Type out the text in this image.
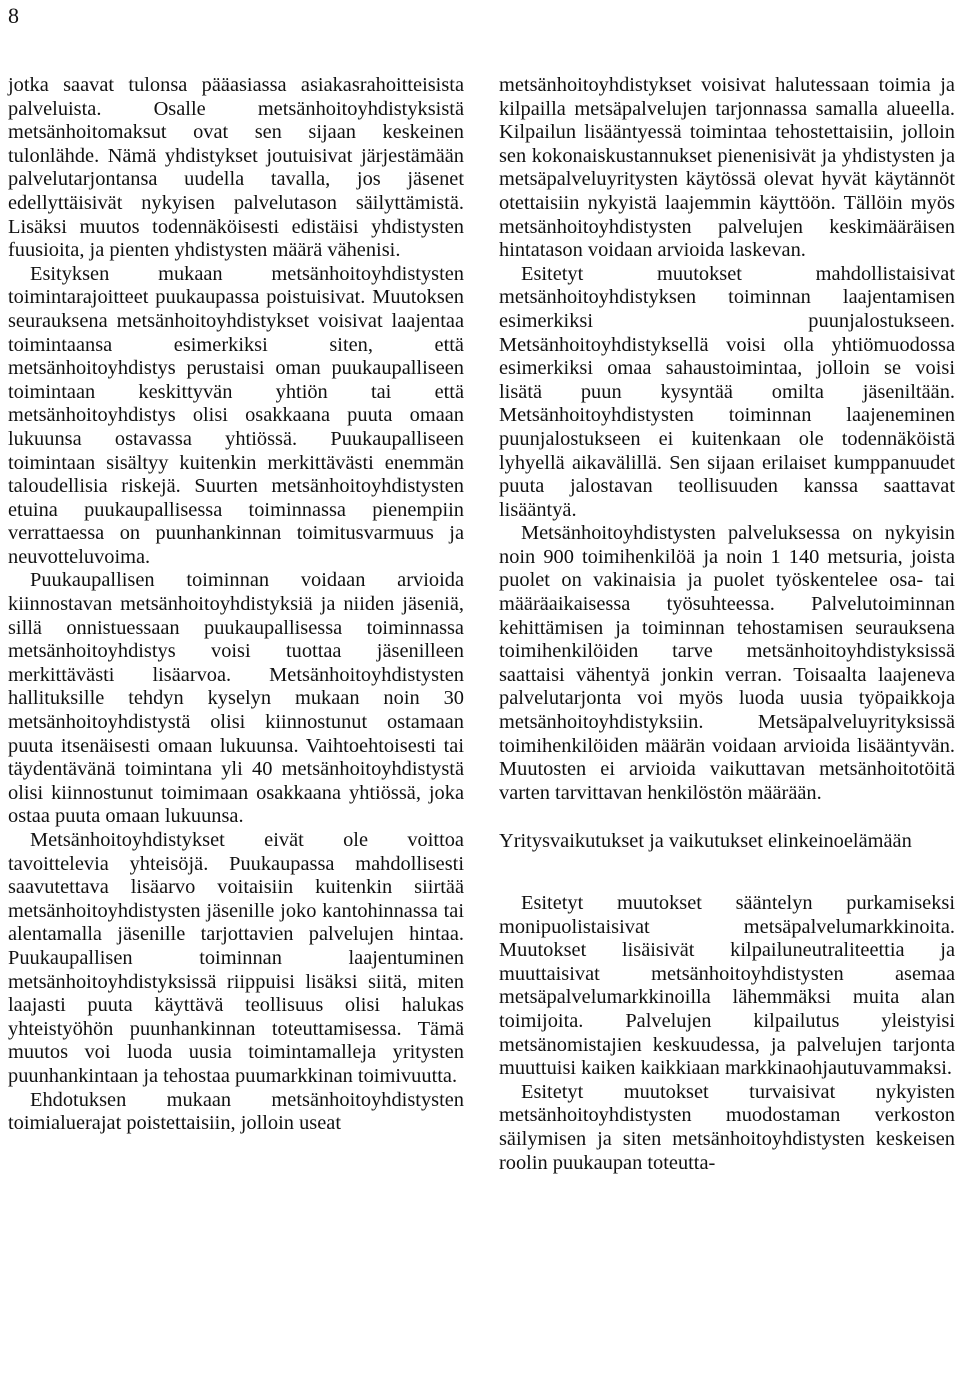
8

jotka saavat tulonsa pääasiassa asiakasrahoitteisista palveluista. Osalle metsänhoitoyhdistyksistä metsänhoitomaksut ovat sen sijaan keskeinen tulonlähde. Nämä yhdistykset joutuisivat järjestämään palvelutarjontansa uudella tavalla, jos jäsenet edellyttäisivät nykyisen palvelutason säilyttämistä. Lisäksi muutos todennäköisesti edistäisi yhdistysten fuusioita, ja pienten yhdistysten määrä vähenisi.

Esityksen mukaan metsänhoitoyhdistysten toimintarajoitteet puukaupassa poistuisivat. Muutoksen seurauksena metsänhoitoyhdistykset voisivat laajentaa toimintaansa esimerkiksi siten, että metsänhoitoyhdistys perustaisi oman puukaupalliseen toimintaan keskittyvän yhtiön tai että metsänhoitoyhdistys olisi osakkaana puuta omaan lukuunsa ostavassa yhtiössä. Puukaupalliseen toimintaan sisältyy kuitenkin merkittävästi enemmän taloudellisia riskejä. Suurten metsänhoitoyhdistysten etuina puukaupallisessa toiminnassa pienempiin verrattaessa on puunhankinnan toimitusvarmuus ja neuvotteluvoima.

Puukaupallisen toiminnan voidaan arvioida kiinnostavan metsänhoitoyhdistyksiä ja niiden jäseniä, sillä onnistuessaan puukaupallisessa toiminnassa metsänhoitoyhdistys voisi tuottaa jäsenilleen merkittävästi lisäarvoa. Metsänhoitoyhdistysten hallituksille tehdyn kyselyn mukaan noin 30 metsänhoitoyhdistystä olisi kiinnostunut ostamaan puuta itsenäisesti omaan lukuunsa. Vaihtoehtoisesti tai täydentävänä toimintana yli 40 metsänhoitoyhdistystä olisi kiinnostunut toimimaan osakkaana yhtiössä, joka ostaa puuta omaan lukuunsa.

Metsänhoitoyhdistykset eivät ole voittoa tavoittelevia yhteisöjä. Puukaupassa mahdollisesti saavutettava lisäarvo voitaisiin kuitenkin siirtää metsänhoitoyhdistysten jäsenille joko kantohinnassa tai alentamalla jäsenille tarjottavien palvelujen hintaa. Puukaupallisen toiminnan laajentuminen metsänhoitoyhdistyksissä riippuisi lisäksi siitä, miten laajasti puuta käyttävä teollisuus olisi halukas yhteistyöhön puunhankinnan toteuttamisessa. Tämä muutos voi luoda uusia toimintamalleja yritysten puunhankintaan ja tehostaa puumarkkinan toimivuutta.

Ehdotuksen mukaan metsänhoitoyhdistysten toimialuerajat poistettaisiin, jolloin useat

metsänhoitoyhdistykset voisivat halutessaan toimia ja kilpailla metsäpalvelujen tarjonnassa samalla alueella. Kilpailun lisääntyessä toimintaa tehostettaisiin, jolloin sen kokonaiskustannukset pienenisivät ja yhdistysten ja metsäpalveluyritysten käytössä olevat hyvät käytännöt otettaisiin nykyistä laajemmin käyttöön. Tällöin myös metsänhoitoyhdistysten palvelujen keskimääräisen hintatason voidaan arvioida laskevan.

Esitetyt muutokset mahdollistaisivat metsänhoitoyhdistyksen toiminnan laajentamisen esimerkiksi puunjalostukseen. Metsänhoitoyhdistyksellä voisi olla yhtiömuodossa esimerkiksi omaa sahaustoimintaa, jolloin se voisi lisätä puun kysyntää omilta jäseniltään. Metsänhoitoyhdistysten toiminnan laajeneminen puunjalostukseen ei kuitenkaan ole todennäköistä lyhyellä aikavälillä. Sen sijaan erilaiset kumppanuudet puuta jalostavan teollisuuden kanssa saattavat lisääntyä.

Metsänhoitoyhdistysten palveluksessa on nykyisin noin 900 toimihenkilöä ja noin 1 140 metsuria, joista puolet on vakinaisia ja puolet työskentelee osa- tai määräaikaisessa työsuhteessa. Palvelutoiminnan kehittämisen ja toiminnan tehostamisen seurauksena toimihenkilöiden tarve metsänhoitoyhdistyksissä saattaisi vähentyä jonkin verran. Toisaalta laajeneva palvelutarjonta voi myös luoda uusia työpaikkoja metsänhoitoyhdistyksiin. Metsäpalveluyrityksissä toimihenkilöiden määrän voidaan arvioida lisääntyvän. Muutosten ei arvioida vaikuttavan metsänhoitotöitä varten tarvittavan henkilöstön määrään.

Yritysvaikutukset ja vaikutukset elinkeinoelämään

Esitetyt muutokset sääntelyn purkamiseksi monipuolistaisivat metsäpalvelumarkkinoita. Muutokset lisäisivät kilpailuneutraliteettia ja muuttaisivat metsänhoitoyhdistysten asemaa metsäpalvelumarkkinoilla lähemmäksi muita alan toimijoita. Palvelujen kilpailutus yleistyisi metsänomistajien keskuudessa, ja palvelujen tarjonta muuttuisi kaiken kaikkiaan markkinaohjautuvammaksi.

Esitetyt muutokset turvaisivat nykyisten metsänhoitoyhdistysten muodostaman verkoston säilymisen ja siten metsänhoitoyhdistysten keskeisen roolin puukaupan toteutta-
